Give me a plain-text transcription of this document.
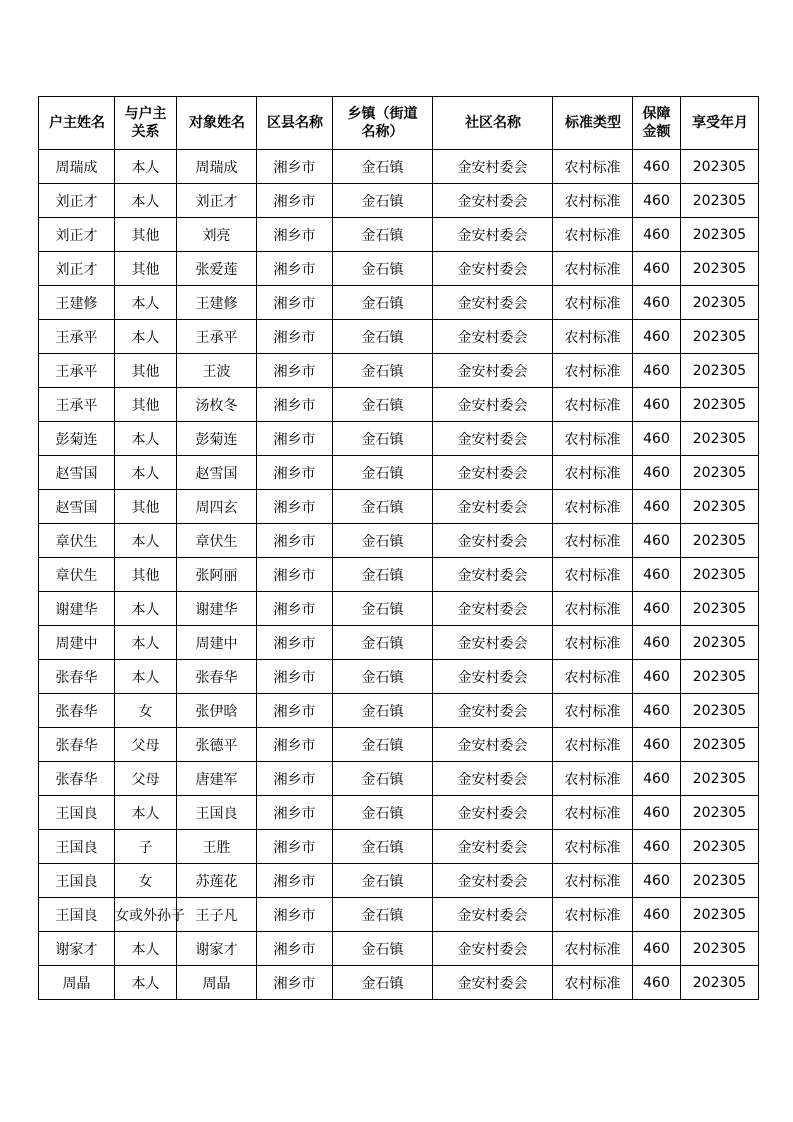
户主姓名	与户主关系	对象姓名	区县名称	乡镇（街道名称）	社区名称	标准类型	保障金额	享受年月
周瑞成	本人	周瑞成	湘乡市	金石镇	金安村委会	农村标准	460	202305
刘正才	本人	刘正才	湘乡市	金石镇	金安村委会	农村标准	460	202305
刘正才	其他	刘亮	湘乡市	金石镇	金安村委会	农村标准	460	202305
刘正才	其他	张爱莲	湘乡市	金石镇	金安村委会	农村标准	460	202305
王建修	本人	王建修	湘乡市	金石镇	金安村委会	农村标准	460	202305
王承平	本人	王承平	湘乡市	金石镇	金安村委会	农村标准	460	202305
王承平	其他	王波	湘乡市	金石镇	金安村委会	农村标准	460	202305
王承平	其他	汤枚冬	湘乡市	金石镇	金安村委会	农村标准	460	202305
彭菊连	本人	彭菊连	湘乡市	金石镇	金安村委会	农村标准	460	202305
赵雪国	本人	赵雪国	湘乡市	金石镇	金安村委会	农村标准	460	202305
赵雪国	其他	周四玄	湘乡市	金石镇	金安村委会	农村标准	460	202305
章伏生	本人	章伏生	湘乡市	金石镇	金安村委会	农村标准	460	202305
章伏生	其他	张阿丽	湘乡市	金石镇	金安村委会	农村标准	460	202305
谢建华	本人	谢建华	湘乡市	金石镇	金安村委会	农村标准	460	202305
周建中	本人	周建中	湘乡市	金石镇	金安村委会	农村标准	460	202305
张春华	本人	张春华	湘乡市	金石镇	金安村委会	农村标准	460	202305
张春华	女	张伊晗	湘乡市	金石镇	金安村委会	农村标准	460	202305
张春华	父母	张德平	湘乡市	金石镇	金安村委会	农村标准	460	202305
张春华	父母	唐建军	湘乡市	金石镇	金安村委会	农村标准	460	202305
王国良	本人	王国良	湘乡市	金石镇	金安村委会	农村标准	460	202305
王国良	子	王胜	湘乡市	金石镇	金安村委会	农村标准	460	202305
王国良	女	苏莲花	湘乡市	金石镇	金安村委会	农村标准	460	202305
王国良	女或外孙子	王子凡	湘乡市	金石镇	金安村委会	农村标准	460	202305
谢家才	本人	谢家才	湘乡市	金石镇	金安村委会	农村标准	460	202305
周晶	本人	周晶	湘乡市	金石镇	金安村委会	农村标准	460	202305
